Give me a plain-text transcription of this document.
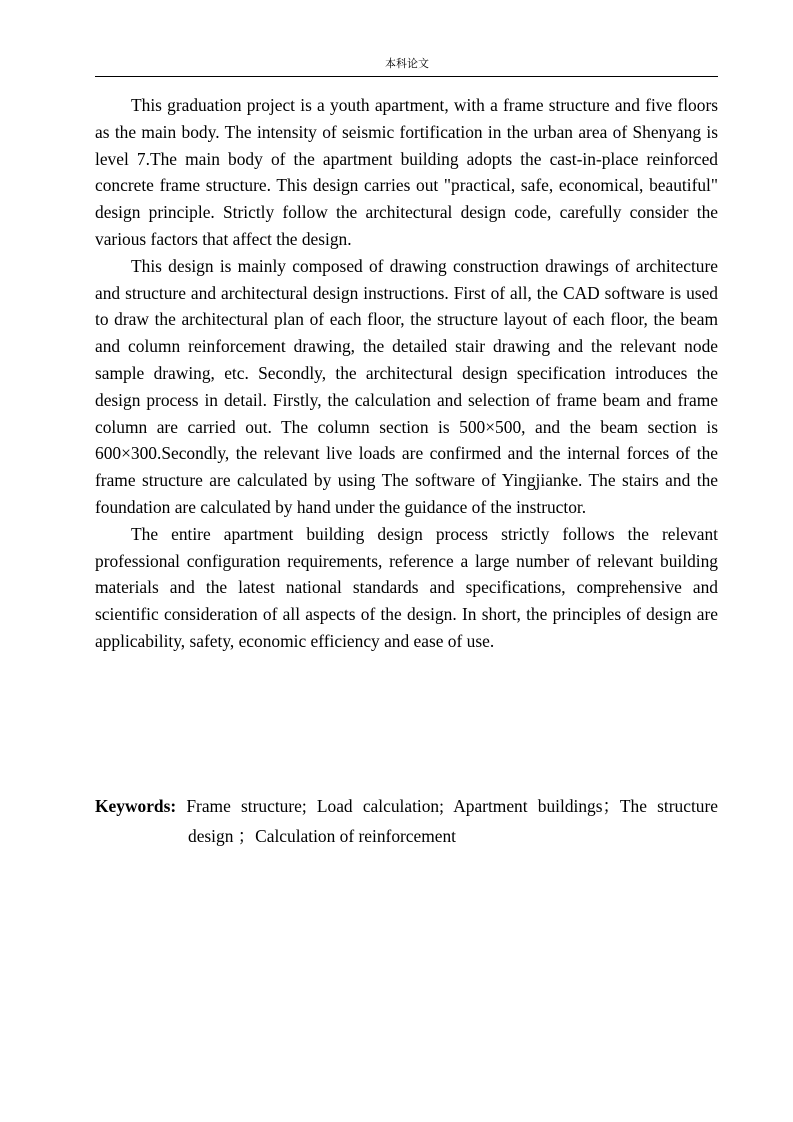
本科论文

This graduation project is a youth apartment, with a frame structure and five floors as the main body. The intensity of seismic fortification in the urban area of Shenyang is level 7.The main body of the apartment building adopts the cast-in-place reinforced concrete frame structure. This design carries out "practical, safe, economical, beautiful" design principle. Strictly follow the architectural design code, carefully consider the various factors that affect the design.

This design is mainly composed of drawing construction drawings of architecture and structure and architectural design instructions. First of all, the CAD software is used to draw the architectural plan of each floor, the structure layout of each floor, the beam and column reinforcement drawing, the detailed stair drawing and the relevant node sample drawing, etc. Secondly, the architectural design specification introduces the design process in detail. Firstly, the calculation and selection of frame beam and frame column are carried out. The column section is 500×500, and the beam section is 600×300.Secondly, the relevant live loads are confirmed and the internal forces of the frame structure are calculated by using The software of Yingjianke. The stairs and the foundation are calculated by hand under the guidance of the instructor.

The entire apartment building design process strictly follows the relevant professional configuration requirements, reference a large number of relevant building materials and the latest national standards and specifications, comprehensive and scientific consideration of all aspects of the design. In short, the principles of design are applicability, safety, economic efficiency and ease of use.

Keywords: Frame structure; Load calculation; Apartment buildings；The structure design ；Calculation of reinforcement
